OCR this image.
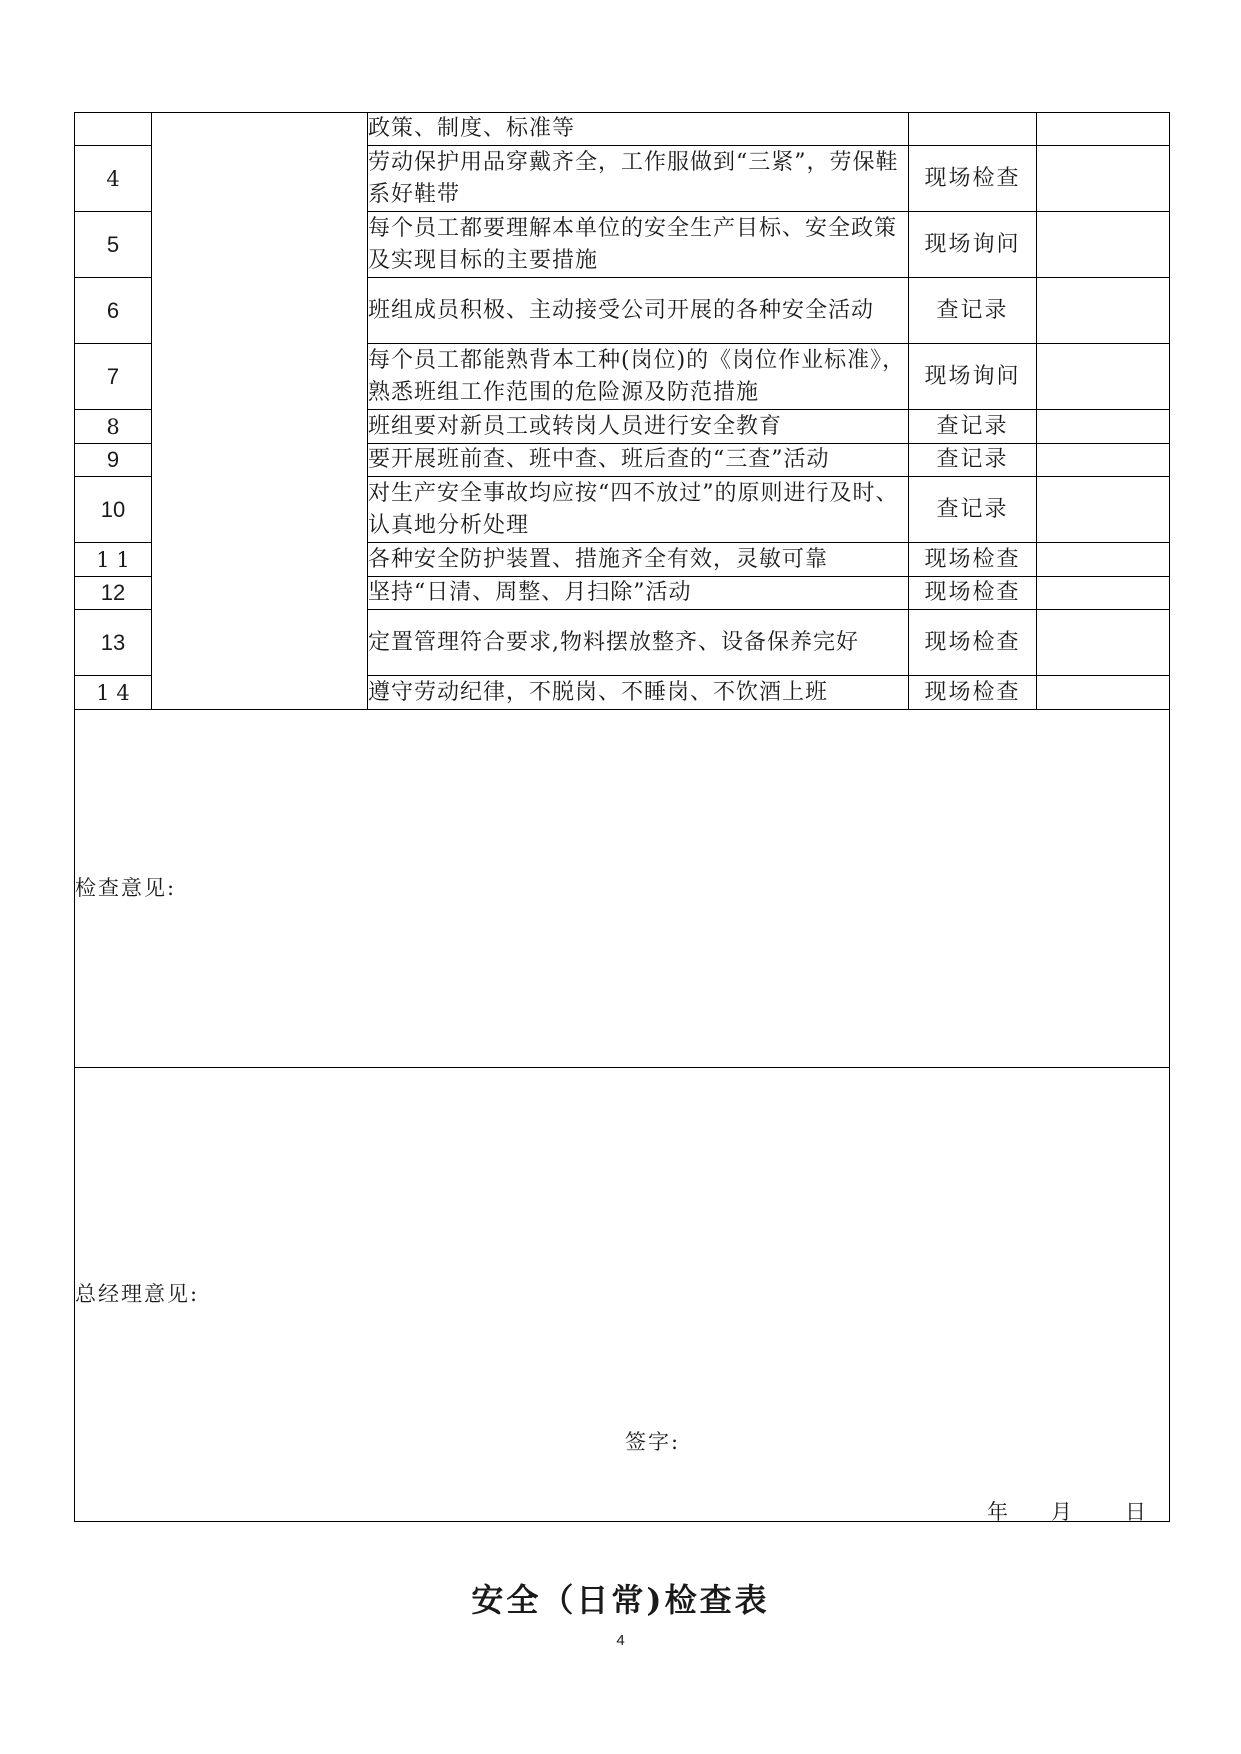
		政策、制度、标准等		
4		劳动保护用品穿戴齐全，工作服做到“三紧”，劳保鞋系好鞋带	现场检查	
5		每个员工都要理解本单位的安全生产目标、安全政策及实现目标的主要措施	现场询问	
6		班组成员积极、主动接受公司开展的各种安全活动	查记录	
7		每个员工都能熟背本工种(岗位)的《岗位作业标准》，熟悉班组工作范围的危险源及防范措施	现场询问	
8		班组要对新员工或转岗人员进行安全教育	查记录	
9		要开展班前查、班中查、班后查的“三查”活动	查记录	
10		对生产安全事故均应按“四不放过”的原则进行及时、认真地分析处理	查记录	
1 1		各种安全防护装置、措施齐全有效，灵敏可靠	现场检查	
12		坚持“日清、周整、月扫除”活动	现场检查	
13		定置管理符合要求,物料摆放整齐、设备保养完好	现场检查	
1 4		遵守劳动纪律，不脱岗、不睡岗、不饮酒上班	现场检查	
检查意见:				
总经理意见:
签字:
年 月 日				
安全（日常)检查表
4
